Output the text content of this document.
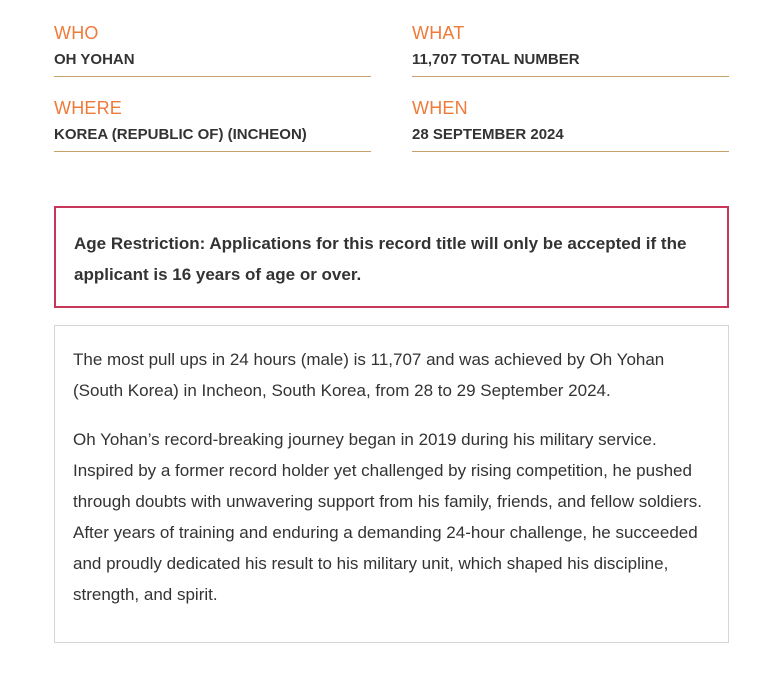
WHO
OH YOHAN
WHAT
11,707 TOTAL NUMBER
WHERE
KOREA (REPUBLIC OF) (INCHEON)
WHEN
28 SEPTEMBER 2024

Age Restriction: Applications for this record title will only be accepted if the applicant is 16 years of age or over.

The most pull ups in 24 hours (male) is 11,707 and was achieved by Oh Yohan (South Korea) in Incheon, South Korea, from 28 to 29 September 2024.

Oh Yohan’s record-breaking journey began in 2019 during his military service. Inspired by a former record holder yet challenged by rising competition, he pushed through doubts with unwavering support from his family, friends, and fellow soldiers. After years of training and enduring a demanding 24-hour challenge, he succeeded and proudly dedicated his result to his military unit, which shaped his discipline, strength, and spirit.
